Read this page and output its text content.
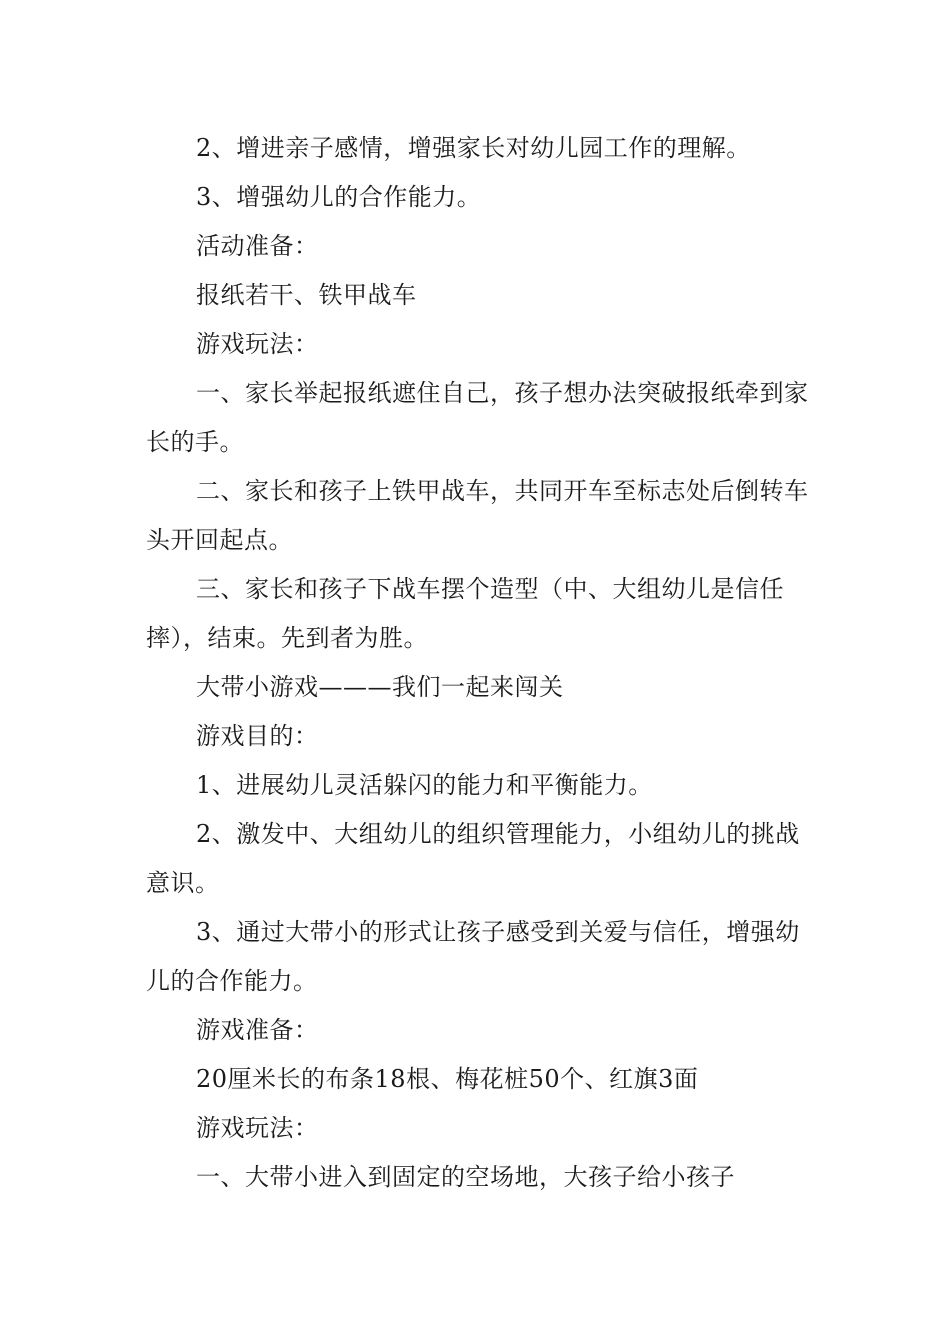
2、增进亲子感情，增强家长对幼儿园工作的理解。

3、增强幼儿的合作能力。

活动准备：

报纸若干、铁甲战车

游戏玩法：

一、家长举起报纸遮住自己，孩子想办法突破报纸牵到家长的手。

二、家长和孩子上铁甲战车，共同开车至标志处后倒转车头开回起点。

三、家长和孩子下战车摆个造型（中、大组幼儿是信任摔），结束。先到者为胜。

大带小游戏———我们一起来闯关

游戏目的：

1、进展幼儿灵活躲闪的能力和平衡能力。

2、激发中、大组幼儿的组织管理能力，小组幼儿的挑战意识。

3、通过大带小的形式让孩子感受到关爱与信任，增强幼儿的合作能力。

游戏准备：

20厘米长的布条18根、梅花桩50个、红旗3面

游戏玩法：

一、大带小进入到固定的空场地，大孩子给小孩子
